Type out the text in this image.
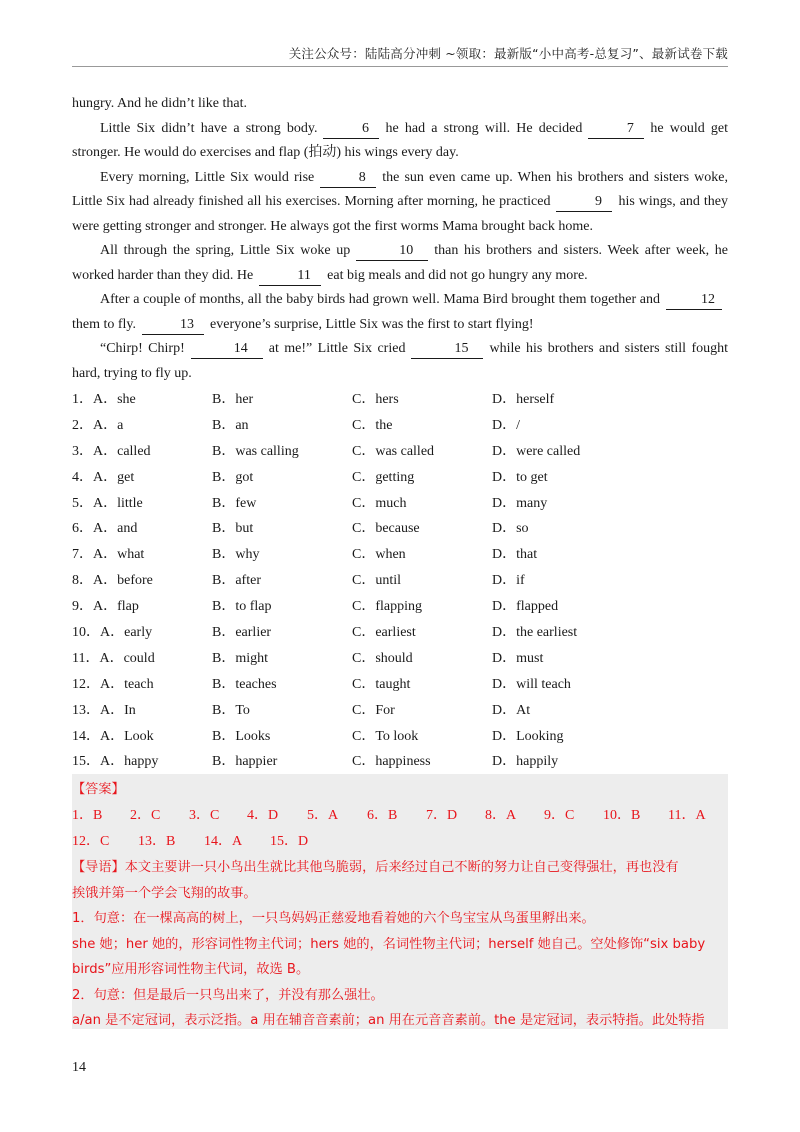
关注公众号：陆陆高分冲刺 ~领取：最新版“小中高考-总复习”、最新试卷下载

hungry. And he didn’t like that.

Little Six didn’t have a strong body.	6 he had a strong will. He decided	7 he would get stronger. He would do exercises and flap (拍动) his wings every day.

Every morning, Little Six would rise	8 the sun even came up. When his brothers and sisters woke, Little Six had already finished all his exercises. Morning after morning, he practiced	9 his wings, and they were getting stronger and stronger. He always got the first worms Mama brought back home.

All through the spring, Little Six woke up	10 than his brothers and sisters. Week after week, he worked harder than they did. He	11 eat big meals and did not go hungry any more.

After a couple of months, all the baby birds had grown well. Mama Bird brought them together and	12them to fly.	13 everyone’s surprise, Little Six was the first to start flying!

“Chirp! Chirp!	14 at me!” Little Six cried	15 while his brothers and sisters still fought hard, trying to fly up.

1．A．she	B．her	C．hers	D．herself
2．A．a	B．an	C．the	D．/
3．A．called	B．was calling	C．was called	D．were called
4．A．get	B．got	C．getting	D．to get
5．A．little	B．few	C．much	D．many
6．A．and	B．but	C．because	D．so
7．A．what	B．why	C．when	D．that
8．A．before	B．after	C．until	D．if
9．A．flap	B．to flap	C．flapping	D．flapped
10．A．early	B．earlier	C．earliest	D．the earliest
11．A．could	B．might	C．should	D．must
12．A．teach	B．teaches	C．taught	D．will teach
13．A．In	B．To	C．For	D．At
14．A．Look	B．Looks	C．To look	D．Looking
15．A．happy	B．happier	C．happiness	D．happily
【答案】
1．B 2．C 3．C 4．D 5．A 6．B 7．D 8．A 9．C 10．B 11．A
12．C 13．B 14．A 15．D
【导语】本文主要讲一只小鸟出生就比其他鸟脆弱，后来经过自己不断的努力让自己变得强壮，再也没有
挨饿并第一个学会飞翔的故事。
1．句意：在一棵高高的树上，一只鸟妈妈正慈爱地看着她的六个鸟宝宝从鸟蛋里孵出来。
she 她；her 她的，形容词性物主代词；hers 她的，名词性物主代词；herself 她自己。空处修饰“six baby
birds”应用形容词性物主代词，故选 B。
2．句意：但是最后一只鸟出来了，并没有那么强壮。
a/an 是不定冠词，表示泛指。a 用在辅音音素前；an 用在元音音素前。the 是定冠词，表示特指。此处特指
14
